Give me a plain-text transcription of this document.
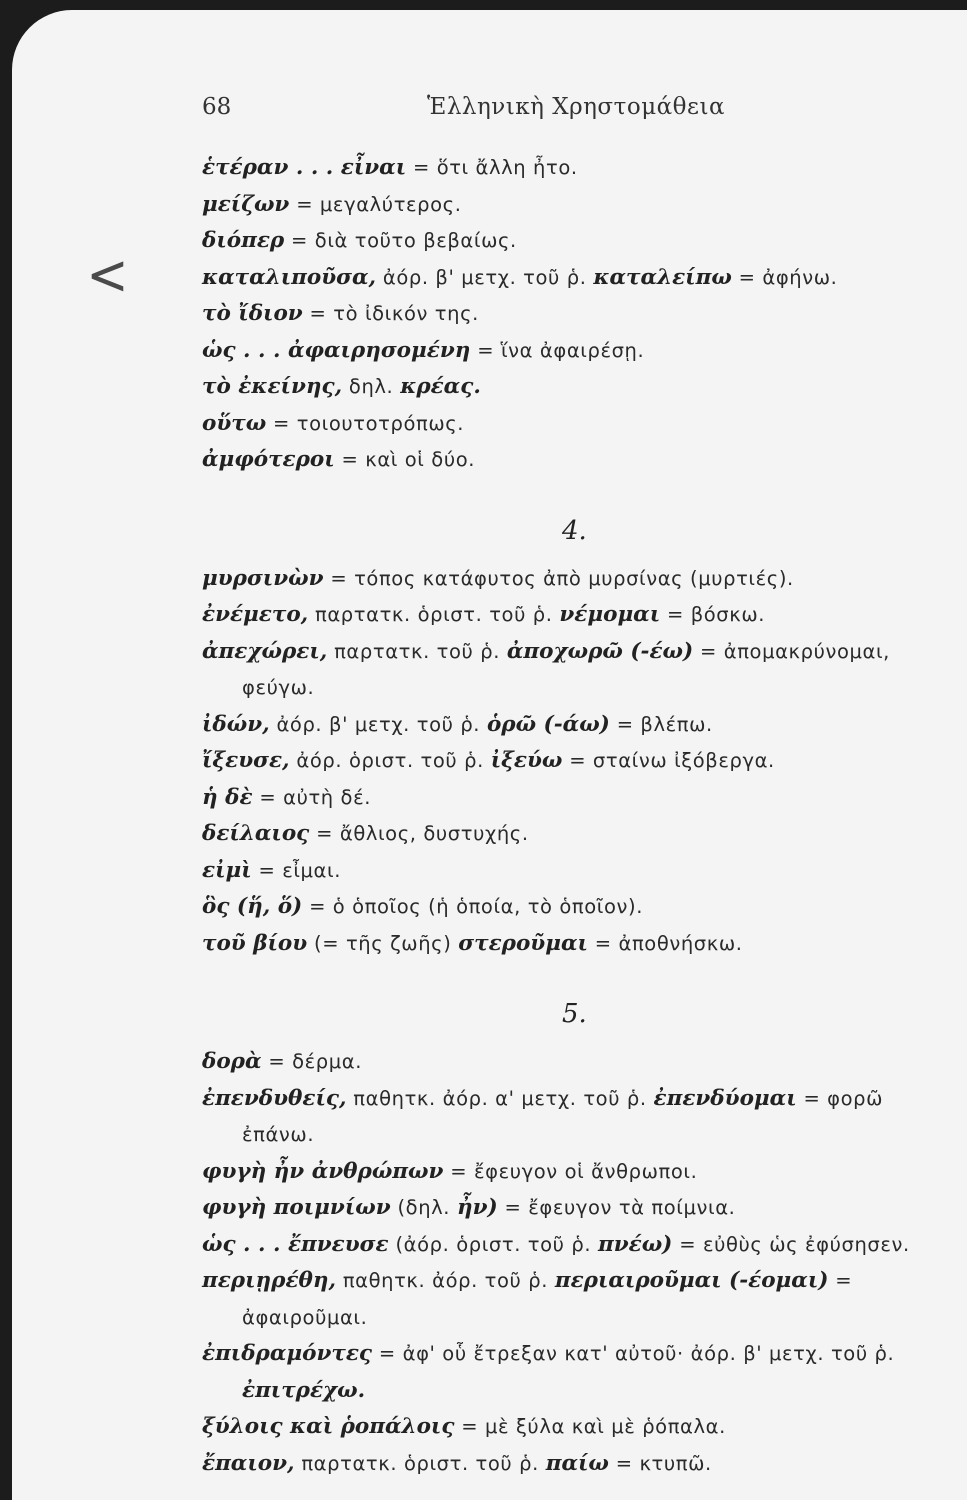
68	Ἑλληνικὴ Χρηστομάθεια
<
ἑτέραν . . . εἶναι = ὅτι ἄλλη ἦτο.
μείζων = μεγαλύτερος.
διόπερ = διὰ τοῦτο βεβαίως.
καταλιποῦσα, ἀόρ. β' μετχ. τοῦ ῥ. καταλείπω = ἀφήνω.
τὸ ἴδιον = τὸ ἰδικόν της.
ὡς . . . ἀφαιρησομένη = ἵνα ἀφαιρέσῃ.
τὸ ἐκείνης, δηλ. κρέας.
οὕτω = τοιουτοτρόπως.
ἀμφότεροι = καὶ οἱ δύο.
4.
μυρσινὼν = τόπος κατάφυτος ἀπὸ μυρσίνας (μυρτιές).
ἐνέμετο, παρτατκ. ὁριστ. τοῦ ῥ. νέμομαι = βόσκω.
ἀπεχώρει, παρτατκ. τοῦ ῥ. ἀποχωρῶ (-έω) = ἀπομακρύνομαι,
φεύγω.
ἰδών, ἀόρ. β' μετχ. τοῦ ῥ. ὁρῶ (-άω) = βλέπω.
ἴξευσε, ἀόρ. ὁριστ. τοῦ ῥ. ἰξεύω = σταίνω ἰξόβεργα.
ἡ δὲ = αὐτὴ δέ.
δείλαιος = ἄθλιος, δυστυχής.
εἰμὶ = εἶμαι.
ὃς (ἥ, ὅ) = ὁ ὁποῖος (ἡ ὁποία, τὸ ὁποῖον).
τοῦ βίου (= τῆς ζωῆς) στεροῦμαι = ἀποθνήσκω.
5.
δορὰ = δέρμα.
ἐπενδυθείς, παθητκ. ἀόρ. α' μετχ. τοῦ ῥ. ἐπενδύομαι = φορῶ
ἐπάνω.
φυγὴ ἦν ἀνθρώπων = ἔφευγον οἱ ἄνθρωποι.
φυγὴ ποιμνίων (δηλ. ἦν) = ἔφευγον τὰ ποίμνια.
ὡς . . . ἔπνευσε (ἀόρ. ὁριστ. τοῦ ῥ. πνέω) = εὐθὺς ὡς ἐφύσησεν.
περιῃρέθη, παθητκ. ἀόρ. τοῦ ῥ. περιαιροῦμαι (-έομαι) =
ἀφαιροῦμαι.
ἐπιδραμόντες = ἀφ' οὗ ἔτρεξαν κατ' αὐτοῦ· ἀόρ. β' μετχ. τοῦ ῥ.
ἐπιτρέχω.
ξύλοις καὶ ῥοπάλοις = μὲ ξύλα καὶ μὲ ῥόπαλα.
ἔπαιον, παρτατκ. ὁριστ. τοῦ ῥ. παίω = κτυπῶ.
